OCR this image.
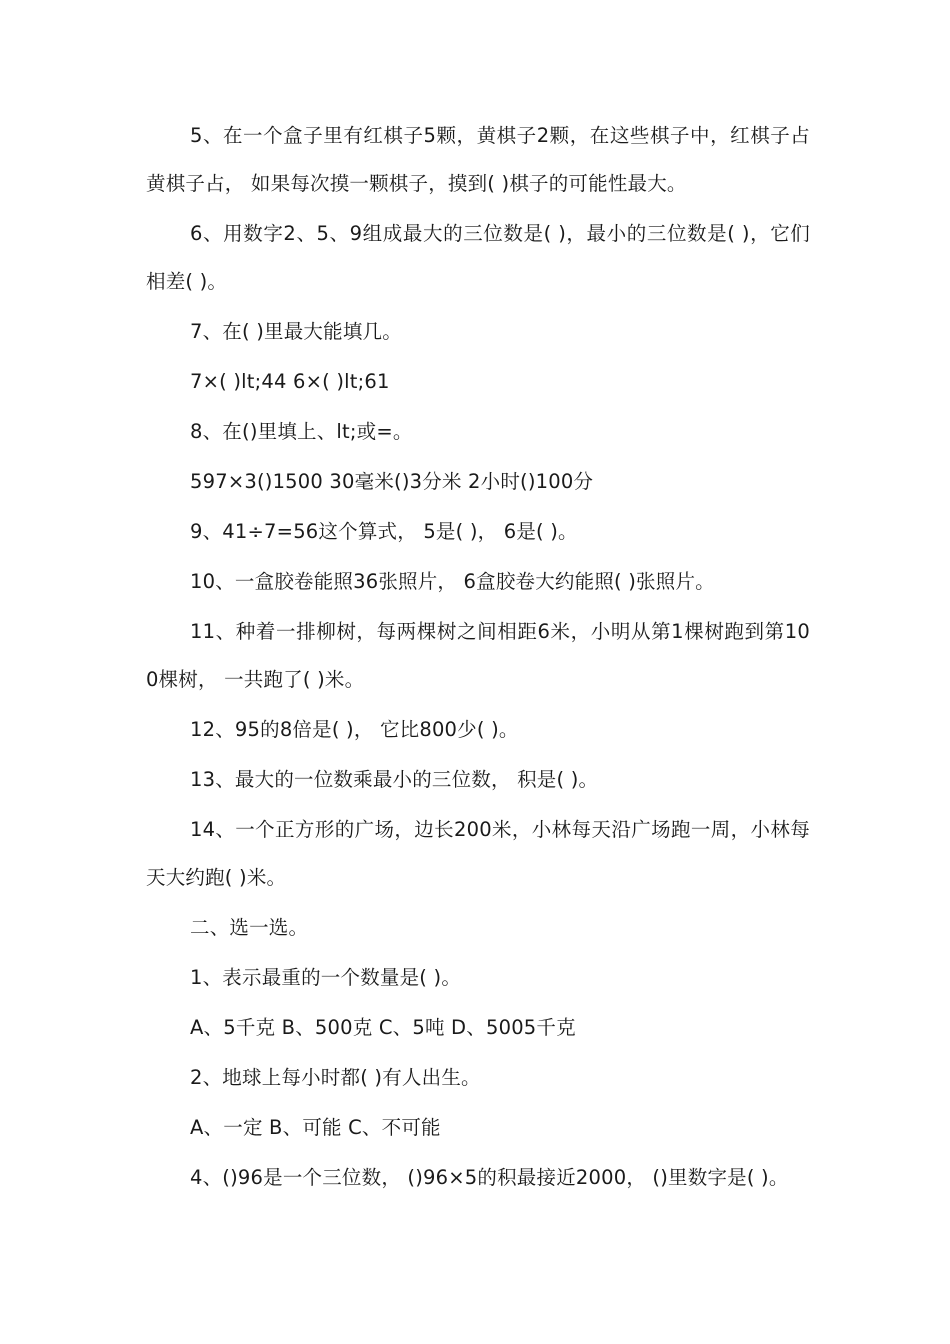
5、在一个盒子里有红棋子5颗，黄棋子2颗，在这些棋子中，红棋子占 黄棋子占， 如果每次摸一颗棋子，摸到( )棋子的可能性最大。

6、用数字2、5、9组成最大的三位数是( )，最小的三位数是( )，它们相差( )。

7、在( )里最大能填几。

7×( )lt;44 6×( )lt;61

8、在()里填上、lt;或=。

597×3()1500 30毫米()3分米 2小时()100分

9、41÷7=56这个算式， 5是( )， 6是( )。

10、一盒胶卷能照36张照片， 6盒胶卷大约能照( )张照片。

11、种着一排柳树，每两棵树之间相距6米，小明从第1棵树跑到第100棵树， 一共跑了( )米。

12、95的8倍是( )， 它比800少( )。

13、最大的一位数乘最小的三位数， 积是( )。

14、一个正方形的广场，边长200米，小林每天沿广场跑一周，小林每天大约跑( )米。

二、选一选。

1、表示最重的一个数量是( )。

A、5千克 B、500克 C、5吨 D、5005千克

2、地球上每小时都( )有人出生。

A、一定 B、可能 C、不可能

4、()96是一个三位数， ()96×5的积最接近2000， ()里数字是( )。
